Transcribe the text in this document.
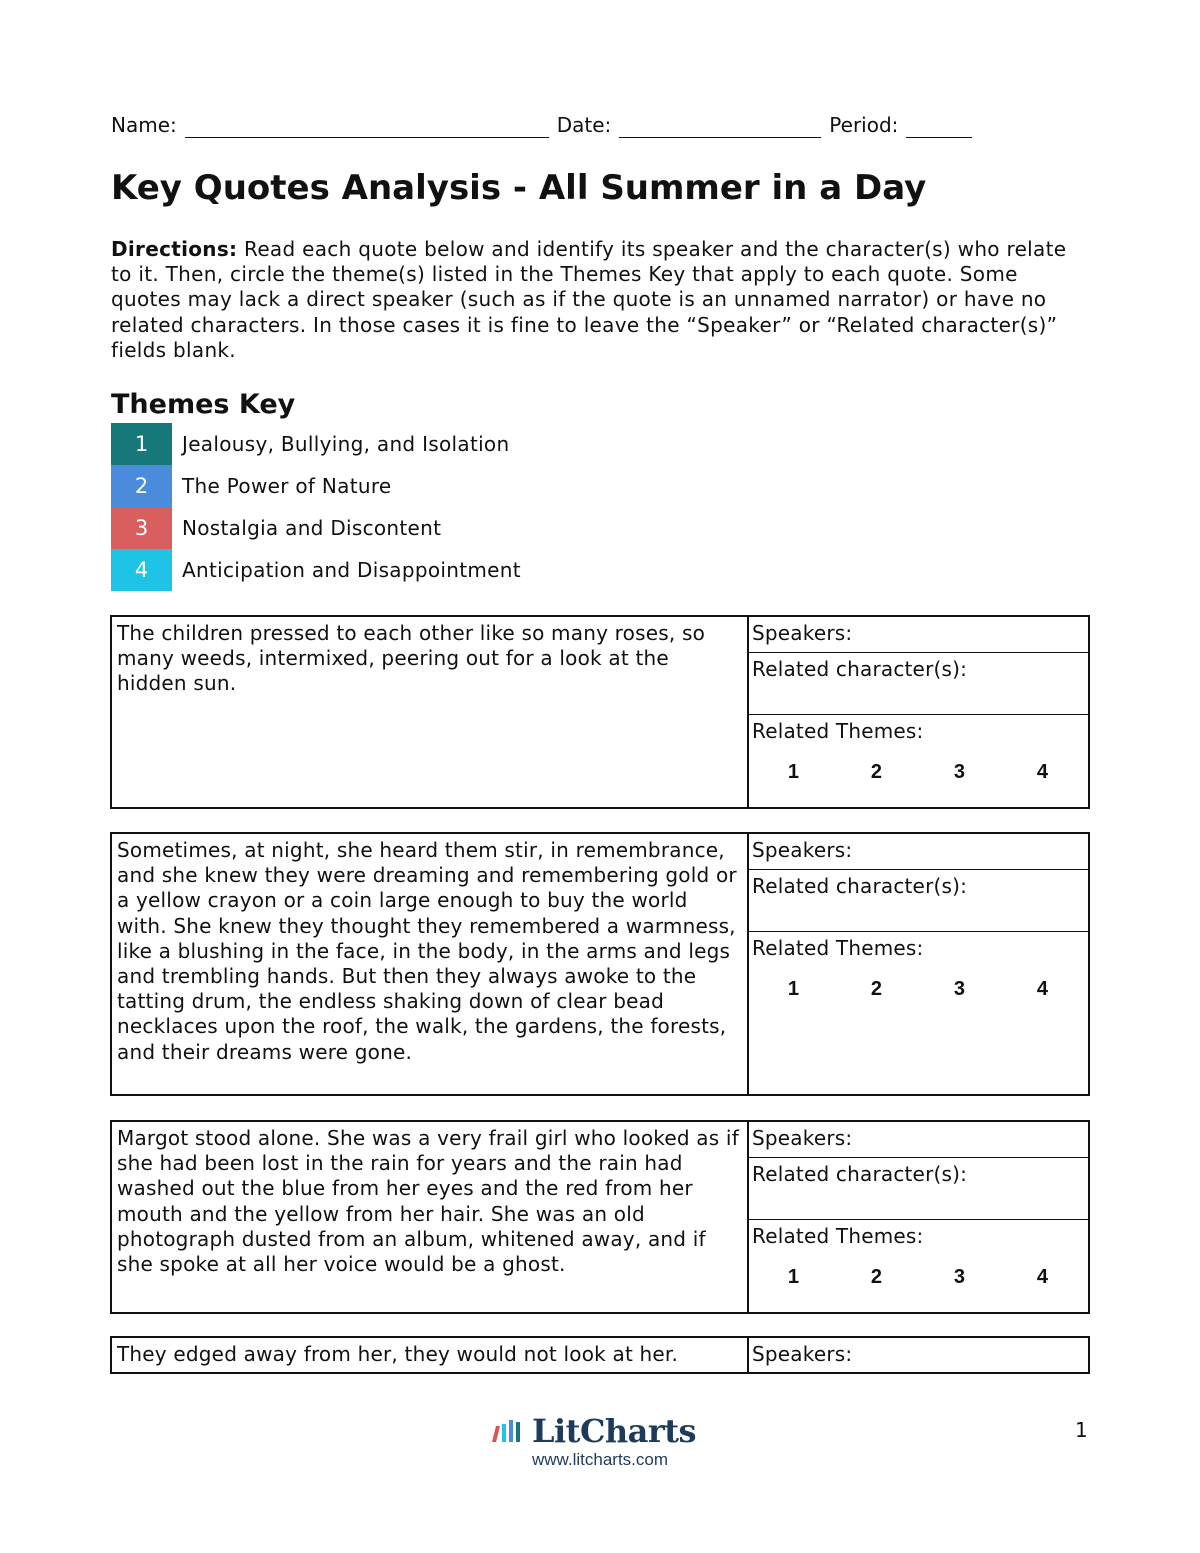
Name:	Date:	Period:
Key Quotes Analysis - All Summer in a Day
Directions: Read each quote below and identify its speaker and the character(s) who relate to it. Then, circle the theme(s) listed in the Themes Key that apply to each quote. Some quotes may lack a direct speaker (such as if the quote is an unnamed narrator) or have no related characters. In those cases it is fine to leave the “Speaker” or “Related character(s)” fields blank.
Themes Key
1	Jealousy, Bullying, and Isolation
2	The Power of Nature
3	Nostalgia and Discontent
4	Anticipation and Disappointment
The children pressed to each other like so many roses, so many weeds, intermixed, peering out for a look at the hidden sun.	
Speakers:
Related character(s):
Related Themes:
1	2	3	4
Sometimes, at night, she heard them stir, in remembrance, and she knew they were dreaming and remembering gold or a yellow crayon or a coin large enough to buy the world with. She knew they thought they remembered a warmness, like a blushing in the face, in the body, in the arms and legs and trembling hands. But then they always awoke to the tatting drum, the endless shaking down of clear bead necklaces upon the roof, the walk, the gardens, the forests, and their dreams were gone.	
Speakers:
Related character(s):
Related Themes:
1	2	3	4
Margot stood alone. She was a very frail girl who looked as if she had been lost in the rain for years and the rain had washed out the blue from her eyes and the red from her mouth and the yellow from her hair. She was an old photograph dusted from an album, whitened away, and if she spoke at all her voice would be a ghost.	
Speakers:
Related character(s):
Related Themes:
1	2	3	4
They edged away from her, they would not look at her.	Speakers:
LitCharts
www.litcharts.com
1
